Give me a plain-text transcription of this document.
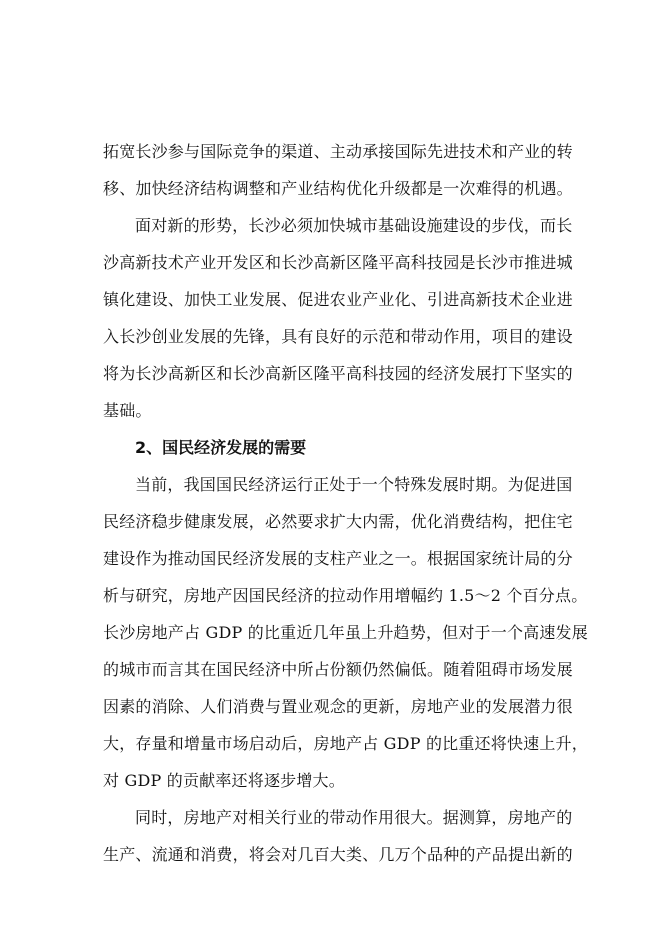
拓宽长沙参与国际竞争的渠道、主动承接国际先进技术和产业的转
移、加快经济结构调整和产业结构优化升级都是一次难得的机遇。
面对新的形势，长沙必须加快城市基础设施建设的步伐，而长
沙高新技术产业开发区和长沙高新区隆平高科技园是长沙市推进城
镇化建设、加快工业发展、促进农业产业化、引进高新技术企业进
入长沙创业发展的先锋，具有良好的示范和带动作用，项目的建设
将为长沙高新区和长沙高新区隆平高科技园的经济发展打下坚实的
基础。
2、国民经济发展的需要
当前，我国国民经济运行正处于一个特殊发展时期。为促进国
民经济稳步健康发展，必然要求扩大内需，优化消费结构，把住宅
建设作为推动国民经济发展的支柱产业之一。根据国家统计局的分
析与研究，房地产因国民经济的拉动作用增幅约 1.5～2 个百分点。
长沙房地产占 GDP 的比重近几年虽上升趋势，但对于一个高速发展
的城市而言其在国民经济中所占份额仍然偏低。随着阻碍市场发展
因素的消除、人们消费与置业观念的更新，房地产业的发展潜力很
大，存量和增量市场启动后，房地产占 GDP 的比重还将快速上升，
对 GDP 的贡献率还将逐步增大。
同时，房地产对相关行业的带动作用很大。据测算，房地产的
生产、流通和消费，将会对几百大类、几万个品种的产品提出新的
